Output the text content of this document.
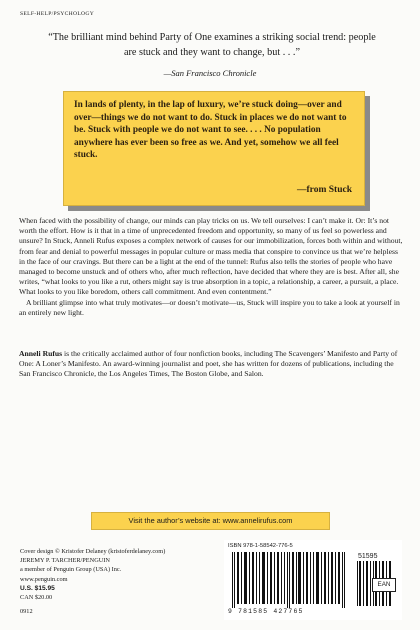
SELF-HELP/PSYCHOLOGY
“The brilliant mind behind Party of One examines a striking social trend: people are stuck and they want to change, but . . .”
—San Francisco Chronicle
In lands of plenty, in the lap of luxury, we’re stuck doing—over and over—things we do not want to do. Stuck in places we do not want to be. Stuck with people we do not want to see. . . . No population anywhere has ever been so free as we. And yet, somehow we all feel stuck.
—from Stuck

When faced with the possibility of change, our minds can play tricks on us. We tell ourselves: I can’t make it. Or: It’s not worth the effort. How is it that in a time of unprecedented freedom and opportunity, so many of us feel so powerless and unsure? In Stuck, Anneli Rufus exposes a complex network of causes for our immobilization, forces both within and without, from fear and denial to powerful messages in popular culture or mass media that conspire to convince us that we’re helpless in the face of our cravings. But there can be a light at the end of the tunnel: Rufus also tells the stories of people who have managed to become unstuck and of others who, after much reflection, have decided that where they are is best. After all, she writes, “what looks to you like a rut, others might say is true absorption in a topic, a relationship, a career, a pursuit, a place. What looks to you like boredom, others call commitment. And even contentment.”

A brilliant glimpse into what truly motivates—or doesn’t motivate—us, Stuck will inspire you to take a look at yourself in an entirely new light.

Anneli Rufus is the critically acclaimed author of four nonfiction books, including The Scavengers’ Manifesto and Party of One: A Loner’s Manifesto. An award-winning journalist and poet, she has written for dozens of publications, including the San Francisco Chronicle, the Los Angeles Times, The Boston Globe, and Salon.
Visit the author’s website at: www.annelirufus.com
Cover design © Kristofer Delaney (kristoferdelaney.com)
JEREMY P. TARCHER/PENGUIN
a member of Penguin Group (USA) Inc.
www.penguin.com
U.S. $15.95
CAN $20.00
0912
ISBN 978-1-58542-776-5
51595
EAN
9 781585 427765
